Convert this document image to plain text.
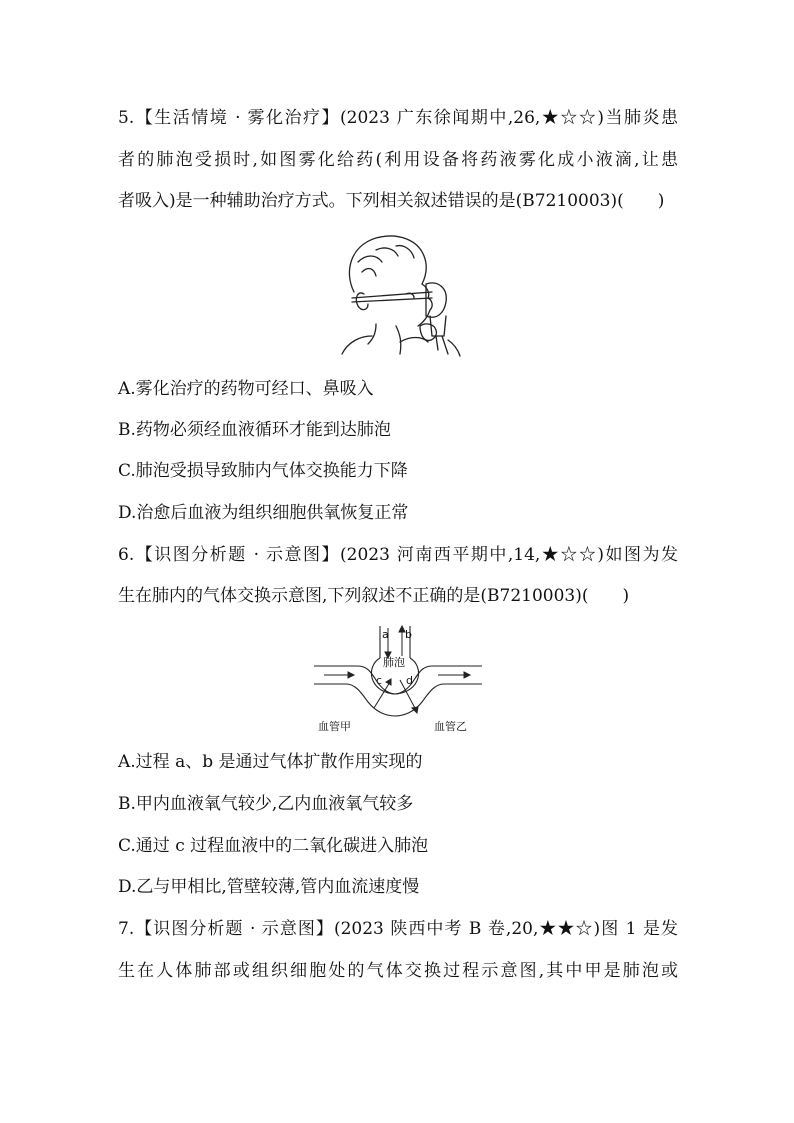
5.【生活情境 · 雾化治疗】(2023 广东徐闻期中,26,★☆☆)当肺炎患
者的肺泡受损时,如图雾化给药(利用设备将药液雾化成小液滴,让患
者吸入)是一种辅助治疗方式。下列相关叙述错误的是(B7210003)(　　)
A.雾化治疗的药物可经口、鼻吸入
B.药物必须经血液循环才能到达肺泡
C.肺泡受损导致肺内气体交换能力下降
D.治愈后血液为组织细胞供氧恢复正常
6.【识图分析题 · 示意图】(2023 河南西平期中,14,★☆☆)如图为发
生在肺内的气体交换示意图,下列叙述不正确的是(B7210003)(　　)
a b
肺泡
c d
血管甲	血管乙
A.过程 a、b 是通过气体扩散作用实现的
B.甲内血液氧气较少,乙内血液氧气较多
C.通过 c 过程血液中的二氧化碳进入肺泡
D.乙与甲相比,管壁较薄,管内血流速度慢
7.【识图分析题 · 示意图】(2023 陕西中考 B 卷,20,★★☆)图 1 是发
生在人体肺部或组织细胞处的气体交换过程示意图,其中甲是肺泡或
